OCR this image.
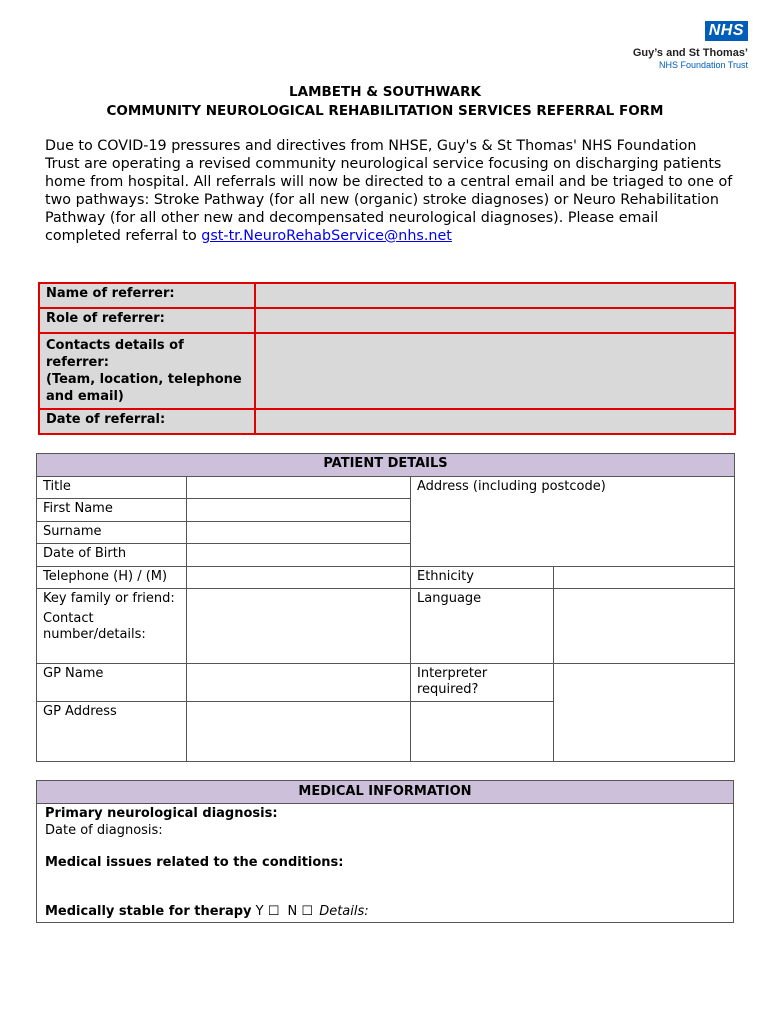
NHS
Guy’s and St Thomas’
NHS Foundation Trust
LAMBETH & SOUTHWARK
COMMUNITY NEUROLOGICAL REHABILITATION SERVICES REFERRAL FORM
Due to COVID-19 pressures and directives from NHSE, Guy's & St Thomas' NHS Foundation Trust are operating a revised community neurological service focusing on discharging patients home from hospital. All referrals will now be directed to a central email and be triaged to one of two pathways: Stroke Pathway (for all new (organic) stroke diagnoses) or Neuro Rehabilitation Pathway (for all other new and decompensated neurological diagnoses). Please email completed referral to gst-tr.NeuroRehabService@nhs.net
Name of referrer:	
Role of referrer:	

Contacts details of referrer:
(Team, location, telephone and email)	

Date of referral:	
PATIENT DETAILS			
Title		Address (including postcode)	
First Name			
Surname			
Date of Birth			
Telephone (H) / (M)		Ethnicity	

Key family or friend:
Contact number/details:		Language	
GP Name		Interpreter required?	
GP Address			
MEDICAL INFORMATION

Primary neurological diagnosis:
Date of diagnosis:
Medical issues related to the conditions:
Medically stable for therapy Y ☐ N ☐ Details:
